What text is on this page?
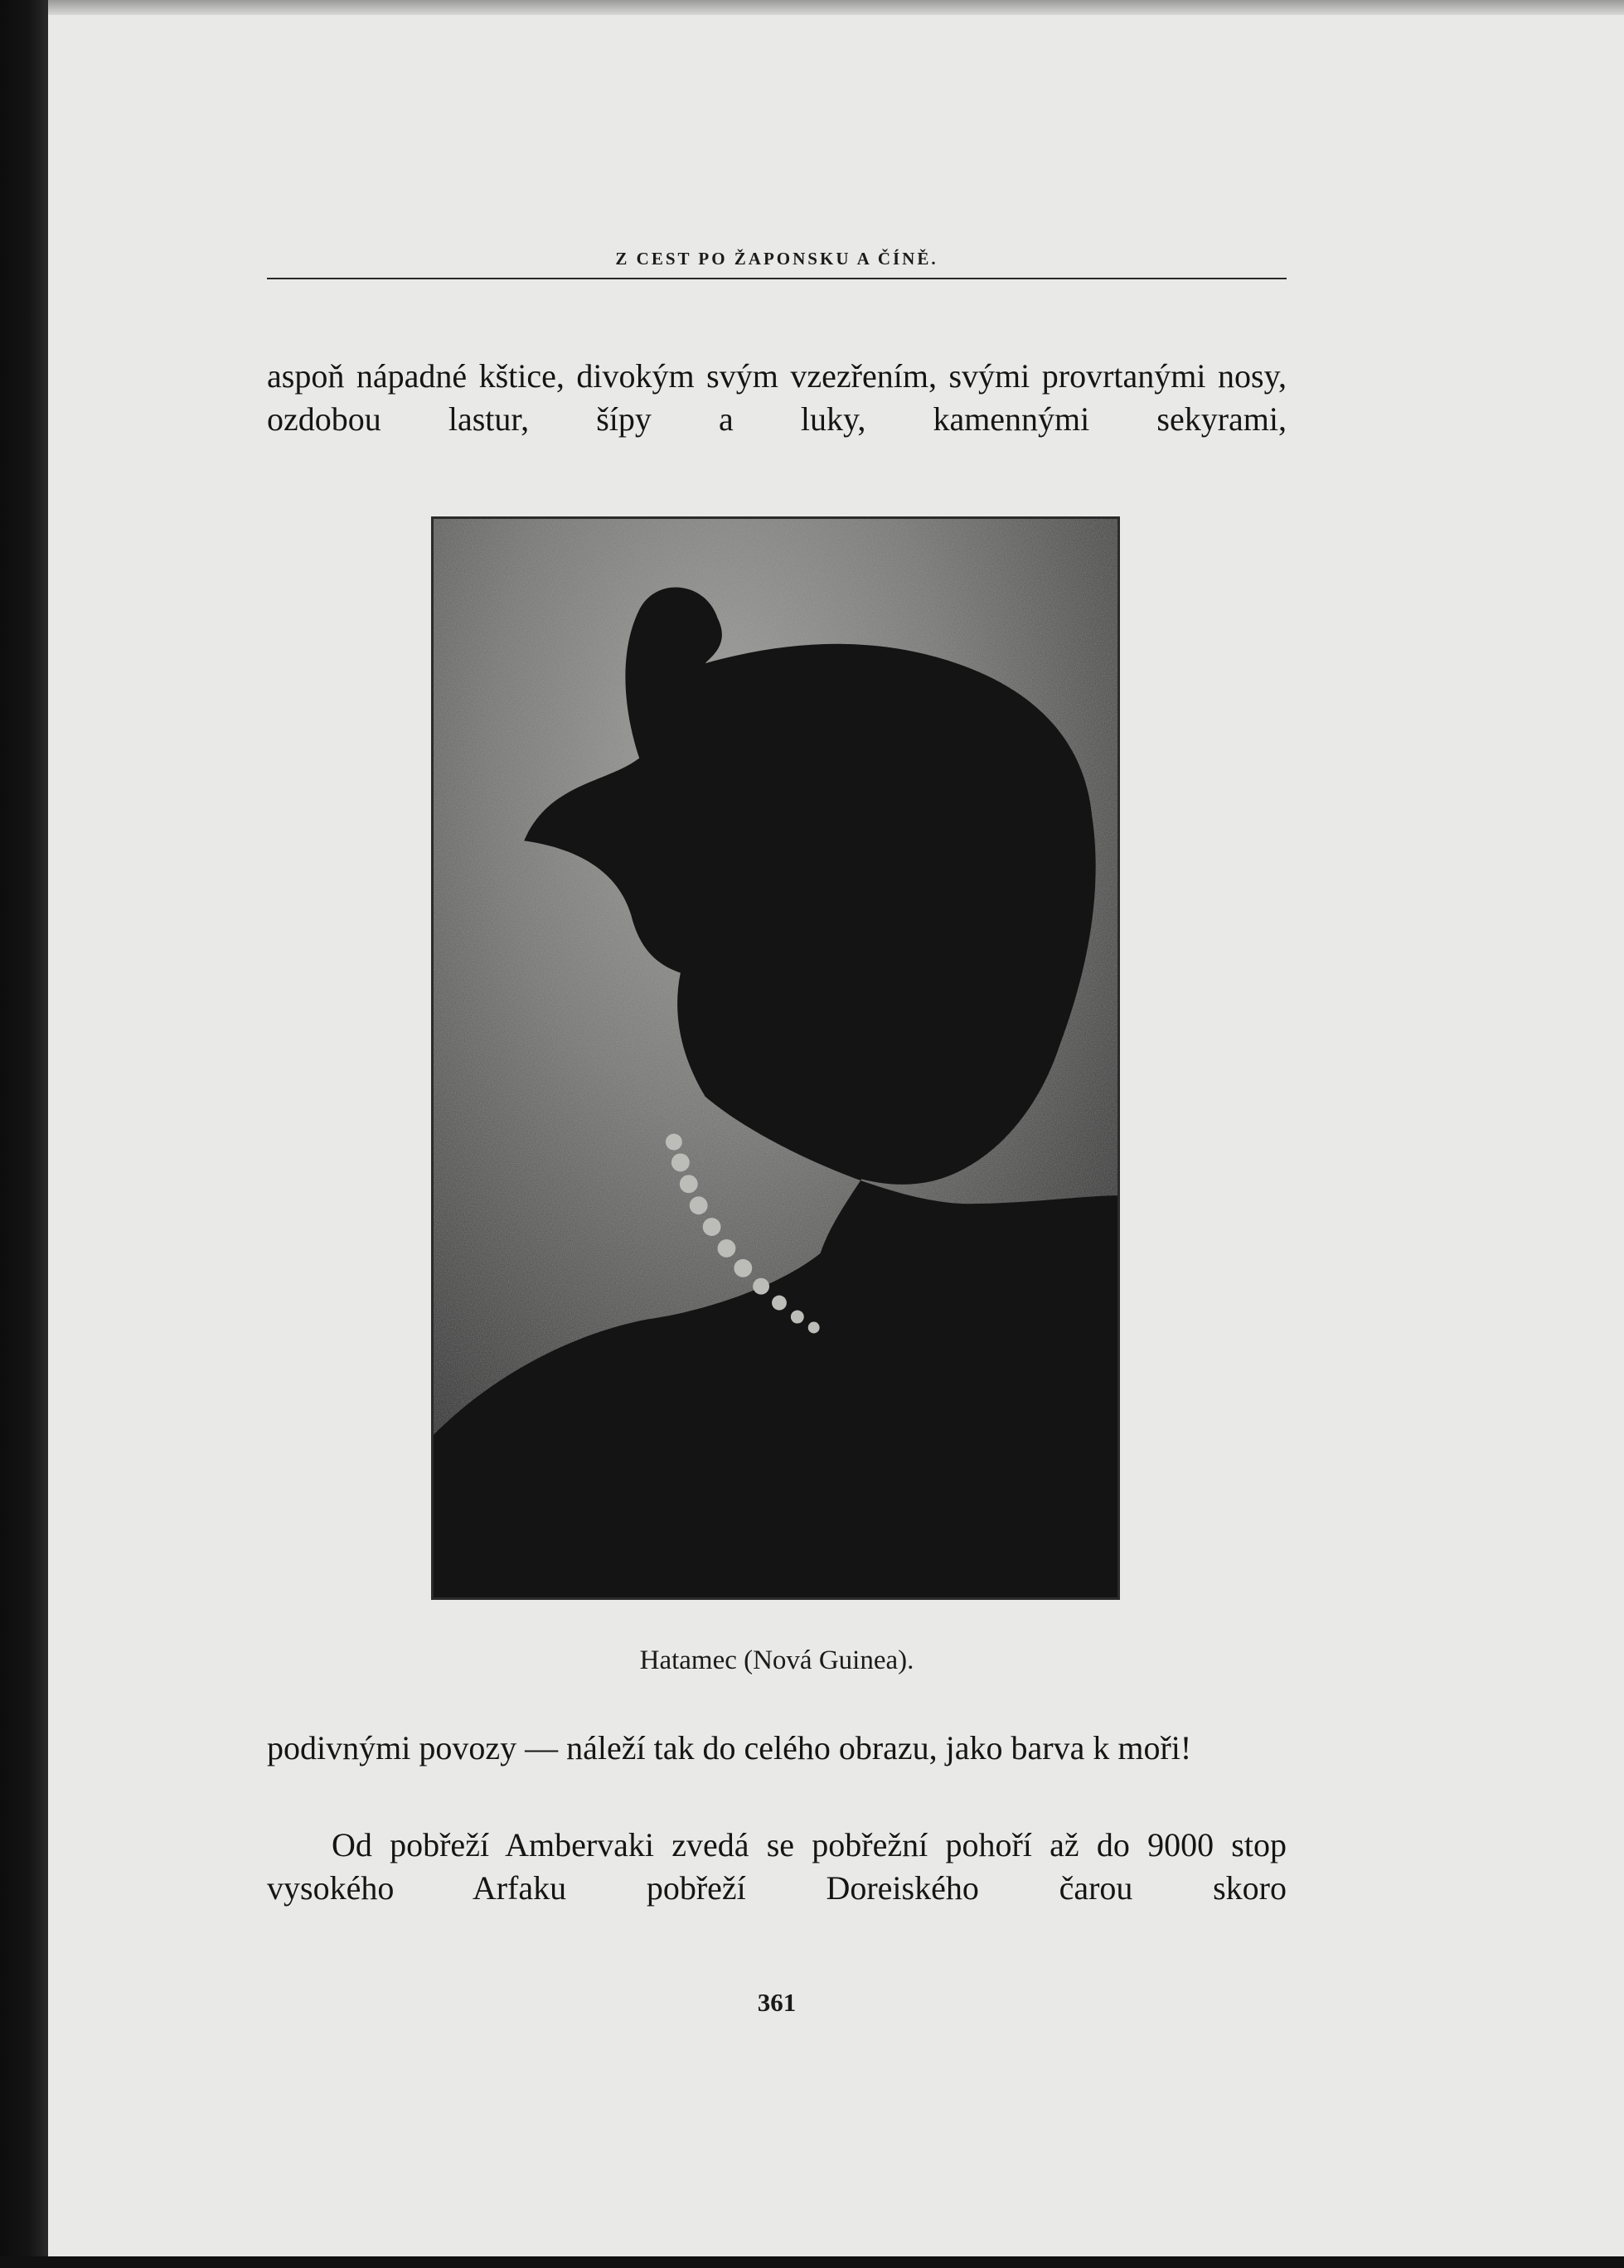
Z CEST PO ŽAPONSKU A ČÍNĚ.
aspoň nápadné kštice, divokým svým vzezřením, svými provrtanými nosy, ozdobou lastur, šípy a luky, kamennými sekyrami,
Hatamec (Nová Guinea).
podivnými povozy — náleží tak do celého obrazu, jako barva k moři!
Od pobřeží Ambervaki zvedá se pobřežní pohoří až do 9000 stop vysokého Arfaku pobřeží Doreiského čarou skoro
361
